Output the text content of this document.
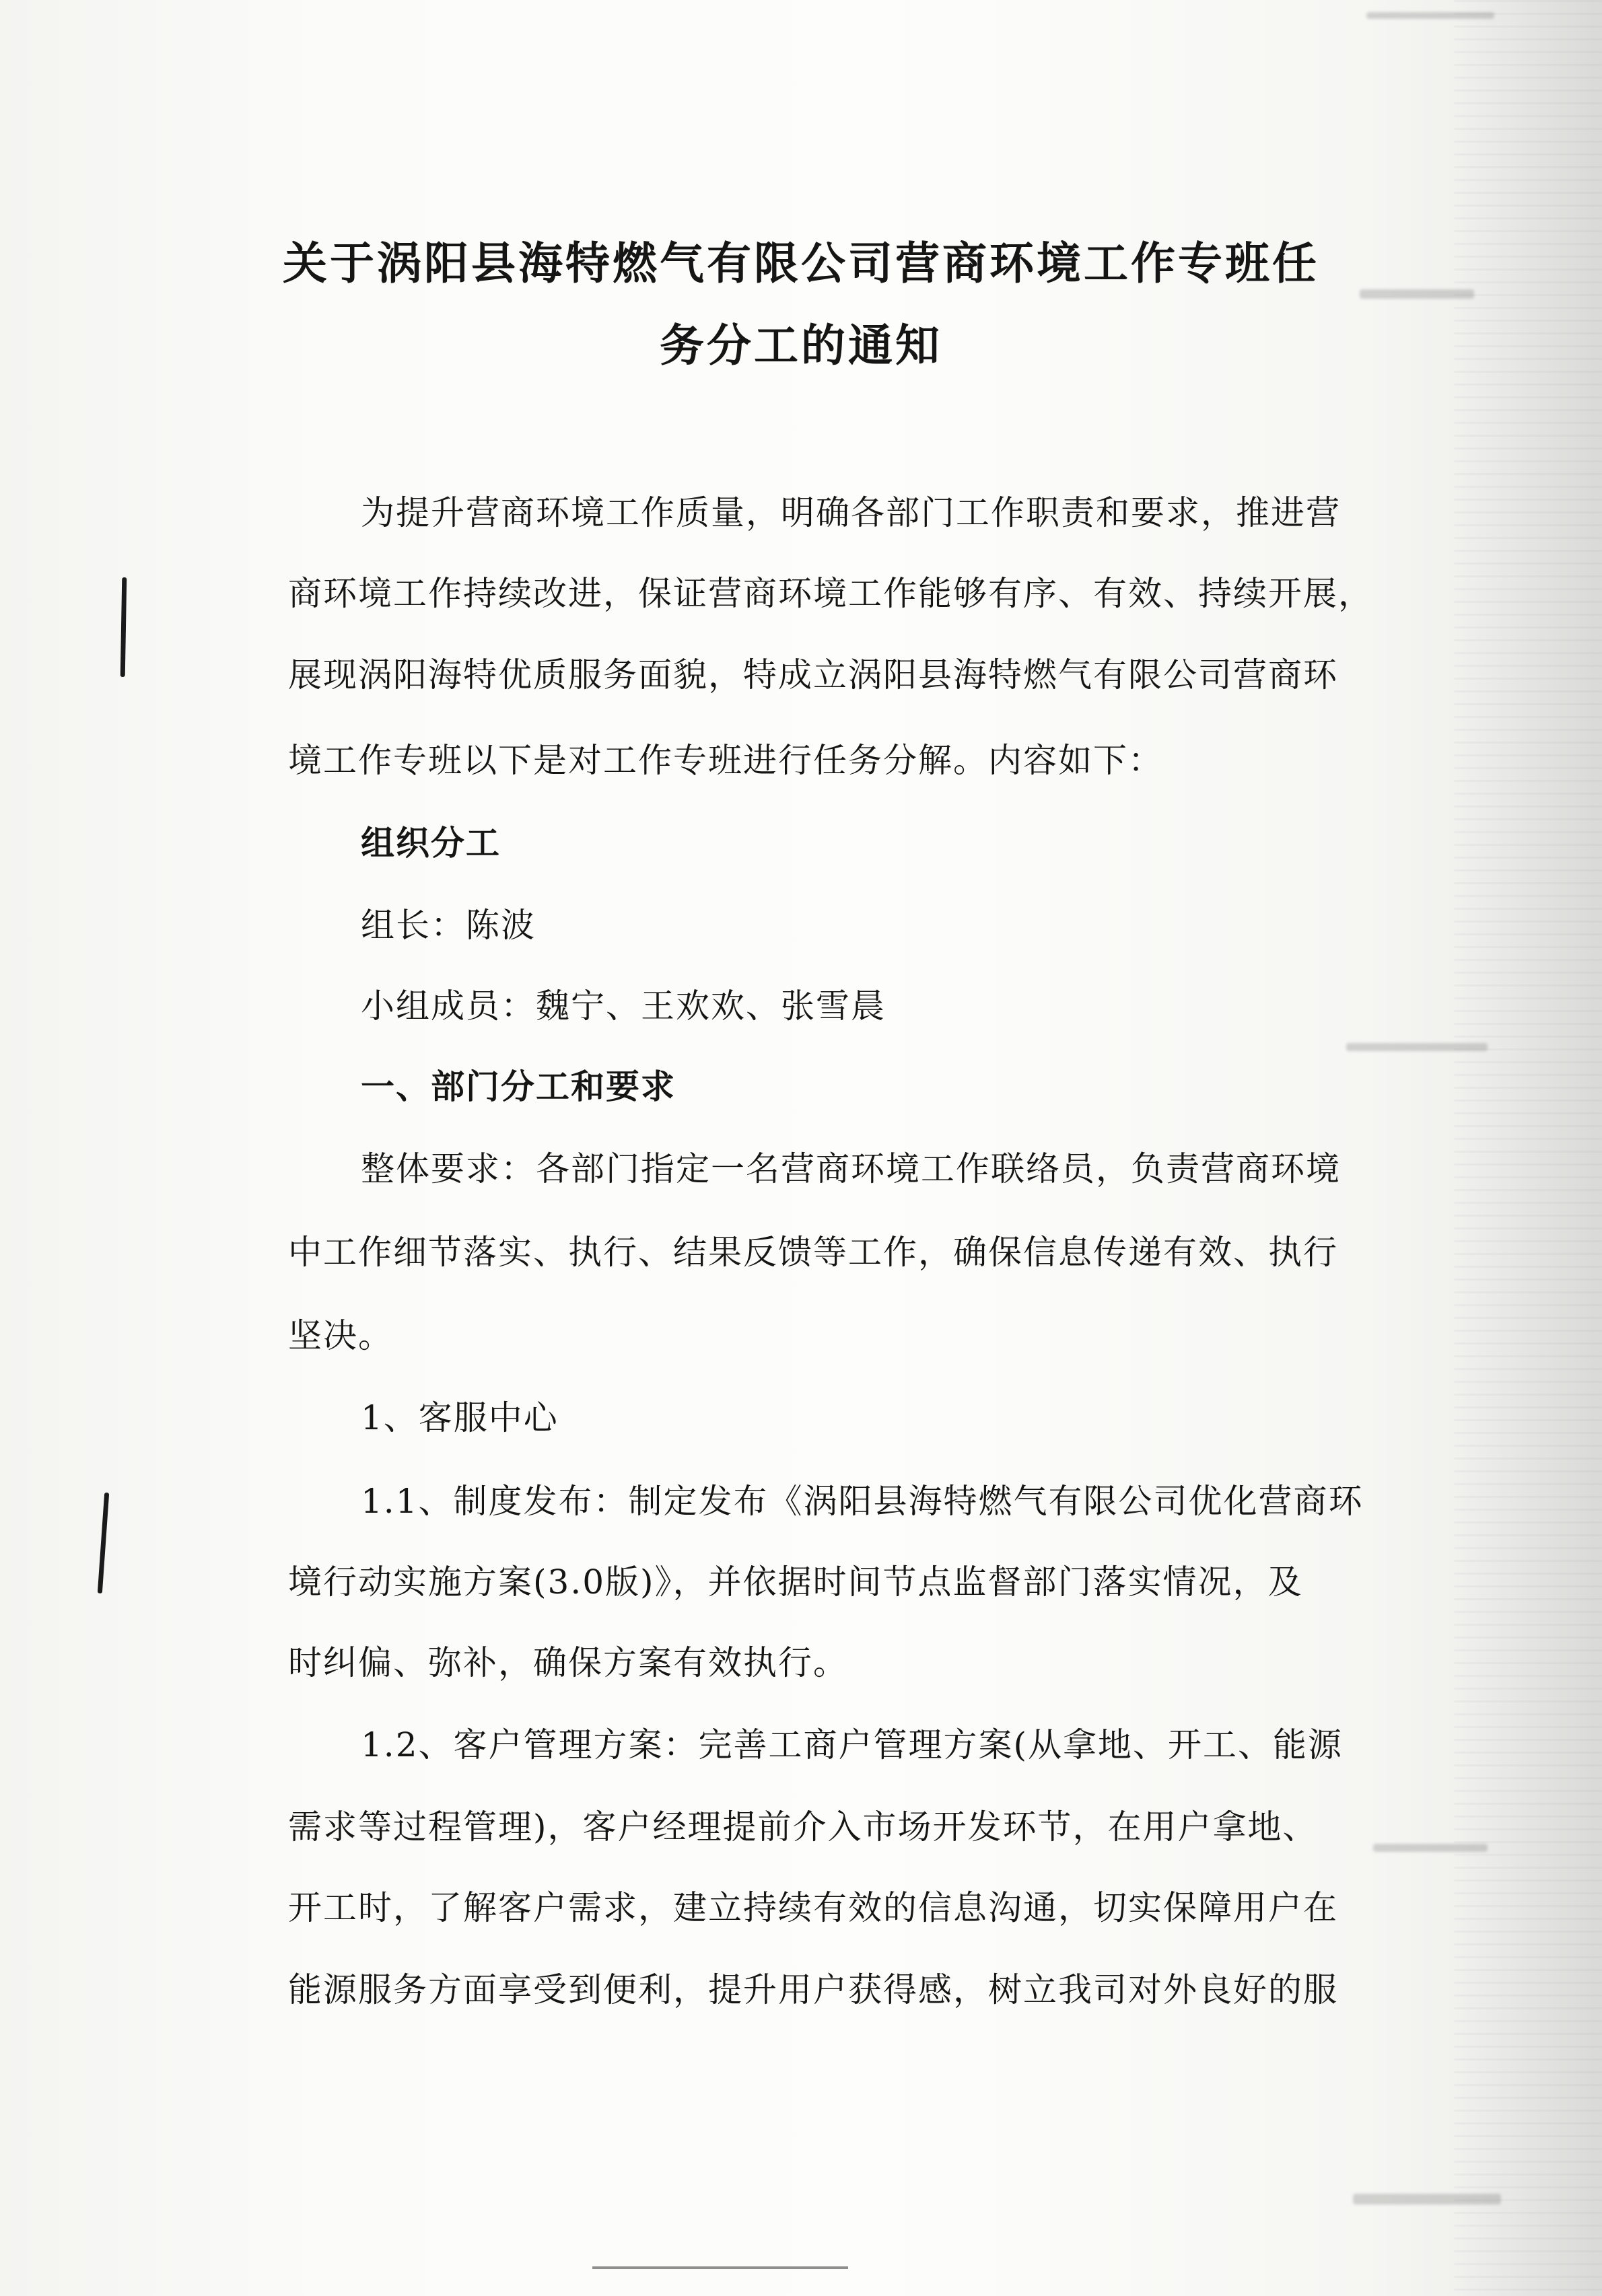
关于涡阳县海特燃气有限公司营商环境工作专班任
务分工的通知
为提升营商环境工作质量，明确各部门工作职责和要求，推进营
商环境工作持续改进，保证营商环境工作能够有序、有效、持续开展，
展现涡阳海特优质服务面貌，特成立涡阳县海特燃气有限公司营商环
境工作专班以下是对工作专班进行任务分解。内容如下：
组织分工
组长：陈波
小组成员：魏宁、王欢欢、张雪晨
一、部门分工和要求
整体要求：各部门指定一名营商环境工作联络员，负责营商环境
中工作细节落实、执行、结果反馈等工作，确保信息传递有效、执行
坚决。
1、客服中心
1.1、制度发布：制定发布《涡阳县海特燃气有限公司优化营商环
境行动实施方案(3.0版)》，并依据时间节点监督部门落实情况，及
时纠偏、弥补，确保方案有效执行。
1.2、客户管理方案：完善工商户管理方案(从拿地、开工、能源
需求等过程管理)，客户经理提前介入市场开发环节，在用户拿地、
开工时，了解客户需求，建立持续有效的信息沟通，切实保障用户在
能源服务方面享受到便利，提升用户获得感，树立我司对外良好的服
